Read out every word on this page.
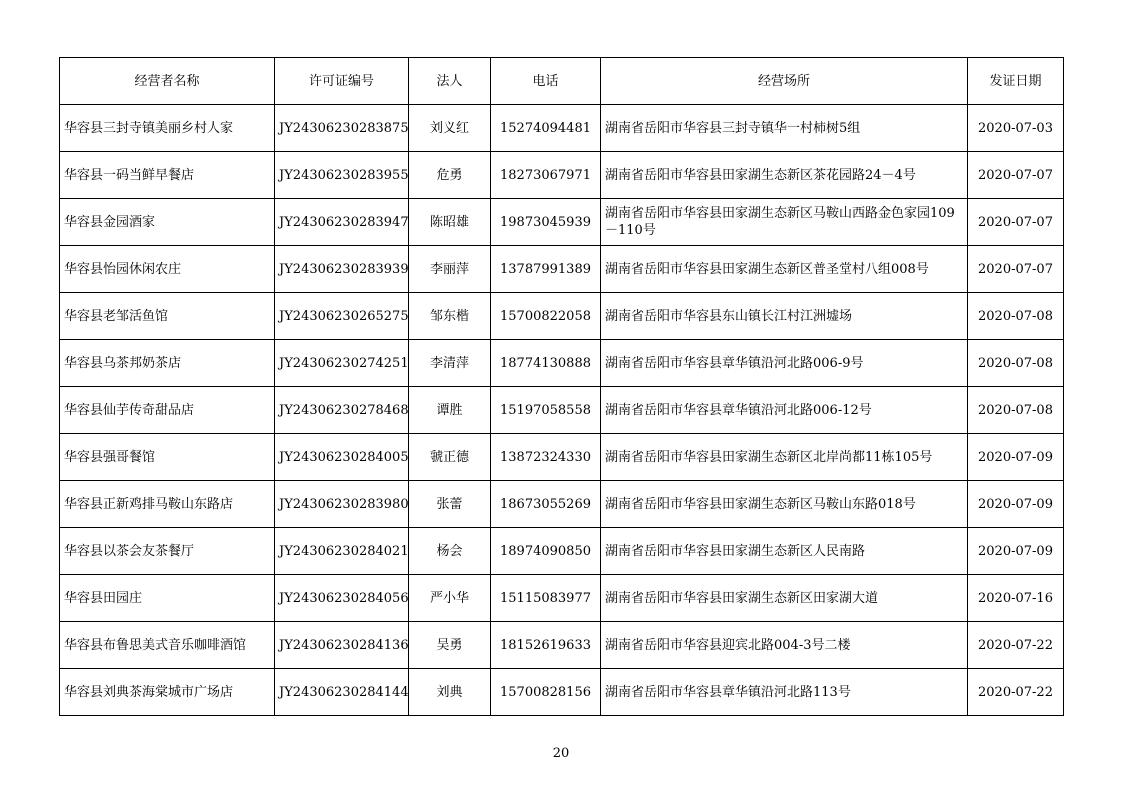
经营者名称	许可证编号	法人	电话	经营场所	发证日期
华容县三封寺镇美丽乡村人家	JY24306230283875	刘义红	15274094481	湖南省岳阳市华容县三封寺镇华一村柿树5组	2020-07-03
华容县一码当鲜早餐店	JY24306230283955	危勇	18273067971	湖南省岳阳市华容县田家湖生态新区茶花园路24－4号	2020-07-07
华容县金园酒家	JY24306230283947	陈昭雄	19873045939	湖南省岳阳市华容县田家湖生态新区马鞍山西路金色家园109－110号	2020-07-07
华容县怡园休闲农庄	JY24306230283939	李丽萍	13787991389	湖南省岳阳市华容县田家湖生态新区普圣堂村八组008号	2020-07-07
华容县老邹活鱼馆	JY24306230265275	邹东楷	15700822058	湖南省岳阳市华容县东山镇长江村江洲墟场	2020-07-08
华容县乌茶邦奶茶店	JY24306230274251	李清萍	18774130888	湖南省岳阳市华容县章华镇沿河北路006-9号	2020-07-08
华容县仙芋传奇甜品店	JY24306230278468	谭胜	15197058558	湖南省岳阳市华容县章华镇沿河北路006-12号	2020-07-08
华容县强哥餐馆	JY24306230284005	虢正德	13872324330	湖南省岳阳市华容县田家湖生态新区北岸尚都11栋105号	2020-07-09
华容县正新鸡排马鞍山东路店	JY24306230283980	张蕾	18673055269	湖南省岳阳市华容县田家湖生态新区马鞍山东路018号	2020-07-09
华容县以茶会友茶餐厅	JY24306230284021	杨会	18974090850	湖南省岳阳市华容县田家湖生态新区人民南路	2020-07-09
华容县田园庄	JY24306230284056	严小华	15115083977	湖南省岳阳市华容县田家湖生态新区田家湖大道	2020-07-16
华容县布鲁思美式音乐咖啡酒馆	JY24306230284136	吴勇	18152619633	湖南省岳阳市华容县迎宾北路004-3号二楼	2020-07-22
华容县刘典茶海棠城市广场店	JY24306230284144	刘典	15700828156	湖南省岳阳市华容县章华镇沿河北路113号	2020-07-22
20
